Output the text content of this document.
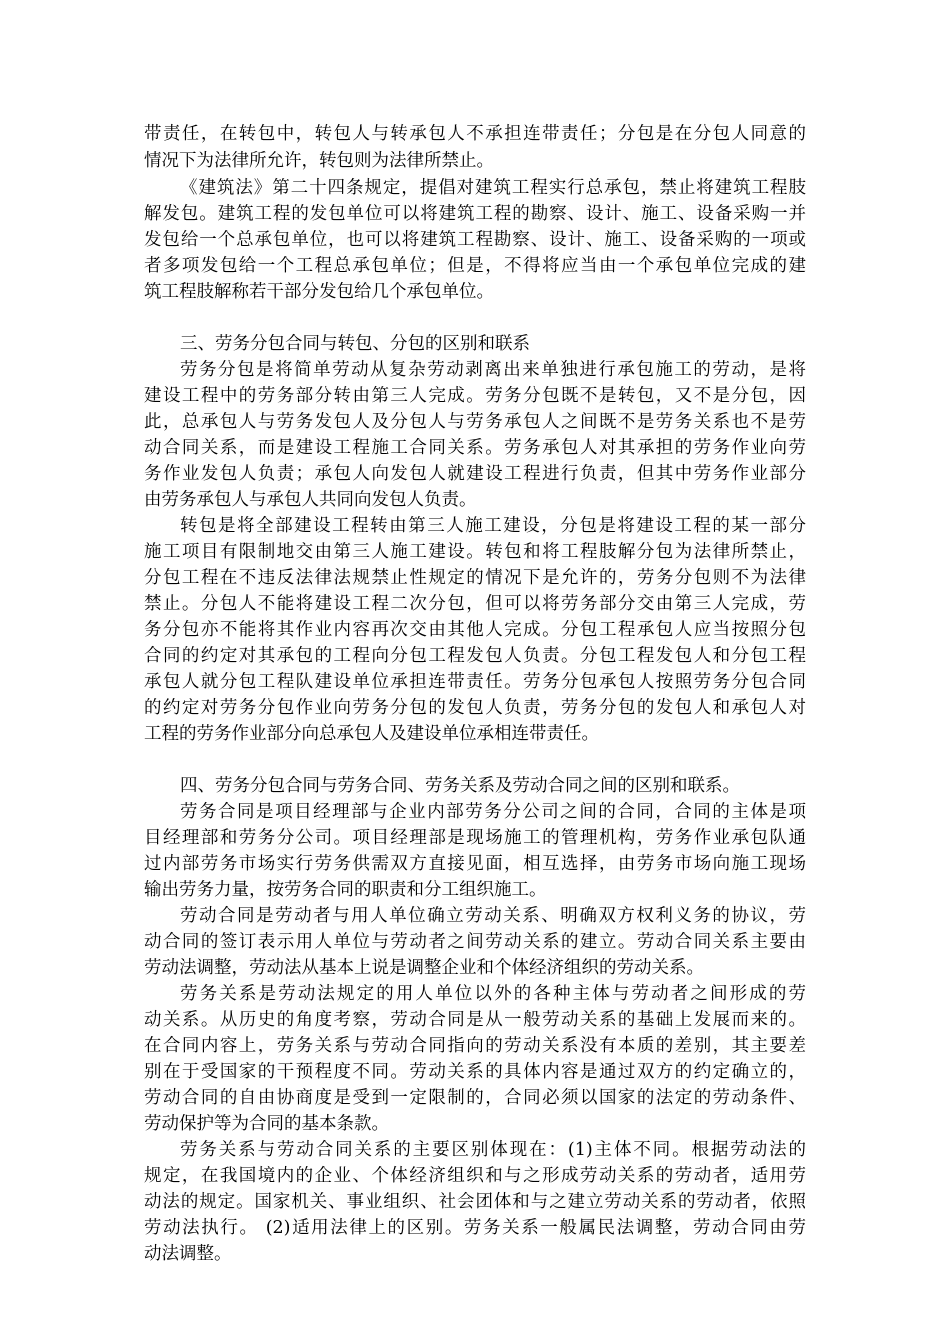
带责任，在转包中，转包人与转承包人不承担连带责任；分包是在分包人同意的
情况下为法律所允许，转包则为法律所禁止。
《建筑法》第二十四条规定，提倡对建筑工程实行总承包，禁止将建筑工程肢
解发包。建筑工程的发包单位可以将建筑工程的勘察、设计、施工、设备采购一并
发包给一个总承包单位，也可以将建筑工程勘察、设计、施工、设备采购的一项或
者多项发包给一个工程总承包单位；但是，不得将应当由一个承包单位完成的建
筑工程肢解称若干部分发包给几个承包单位。
三、劳务分包合同与转包、分包的区别和联系
劳务分包是将简单劳动从复杂劳动剥离出来单独进行承包施工的劳动，是将
建设工程中的劳务部分转由第三人完成。劳务分包既不是转包，又不是分包，因
此，总承包人与劳务发包人及分包人与劳务承包人之间既不是劳务关系也不是劳
动合同关系，而是建设工程施工合同关系。劳务承包人对其承担的劳务作业向劳
务作业发包人负责；承包人向发包人就建设工程进行负责，但其中劳务作业部分
由劳务承包人与承包人共同向发包人负责。
转包是将全部建设工程转由第三人施工建设，分包是将建设工程的某一部分
施工项目有限制地交由第三人施工建设。转包和将工程肢解分包为法律所禁止，
分包工程在不违反法律法规禁止性规定的情况下是允许的，劳务分包则不为法律
禁止。分包人不能将建设工程二次分包，但可以将劳务部分交由第三人完成，劳
务分包亦不能将其作业内容再次交由其他人完成。分包工程承包人应当按照分包
合同的约定对其承包的工程向分包工程发包人负责。分包工程发包人和分包工程
承包人就分包工程队建设单位承担连带责任。劳务分包承包人按照劳务分包合同
的约定对劳务分包作业向劳务分包的发包人负责，劳务分包的发包人和承包人对
工程的劳务作业部分向总承包人及建设单位承相连带责任。
四、劳务分包合同与劳务合同、劳务关系及劳动合同之间的区别和联系。
劳务合同是项目经理部与企业内部劳务分公司之间的合同，合同的主体是项
目经理部和劳务分公司。项目经理部是现场施工的管理机构，劳务作业承包队通
过内部劳务市场实行劳务供需双方直接见面，相互选择，由劳务市场向施工现场
输出劳务力量，按劳务合同的职责和分工组织施工。
劳动合同是劳动者与用人单位确立劳动关系、明确双方权利义务的协议，劳
动合同的签订表示用人单位与劳动者之间劳动关系的建立。劳动合同关系主要由
劳动法调整，劳动法从基本上说是调整企业和个体经济组织的劳动关系。
劳务关系是劳动法规定的用人单位以外的各种主体与劳动者之间形成的劳
动关系。从历史的角度考察，劳动合同是从一般劳动关系的基础上发展而来的。
在合同内容上，劳务关系与劳动合同指向的劳动关系没有本质的差别，其主要差
别在于受国家的干预程度不同。劳动关系的具体内容是通过双方的约定确立的，
劳动合同的自由协商度是受到一定限制的，合同必须以国家的法定的劳动条件、
劳动保护等为合同的基本条款。
劳务关系与劳动合同关系的主要区别体现在：(1)主体不同。根据劳动法的
规定，在我国境内的企业、个体经济组织和与之形成劳动关系的劳动者，适用劳
动法的规定。国家机关、事业组织、社会团体和与之建立劳动关系的劳动者，依照
劳动法执行。 (2)适用法律上的区别。劳务关系一般属民法调整，劳动合同由劳
动法调整。
